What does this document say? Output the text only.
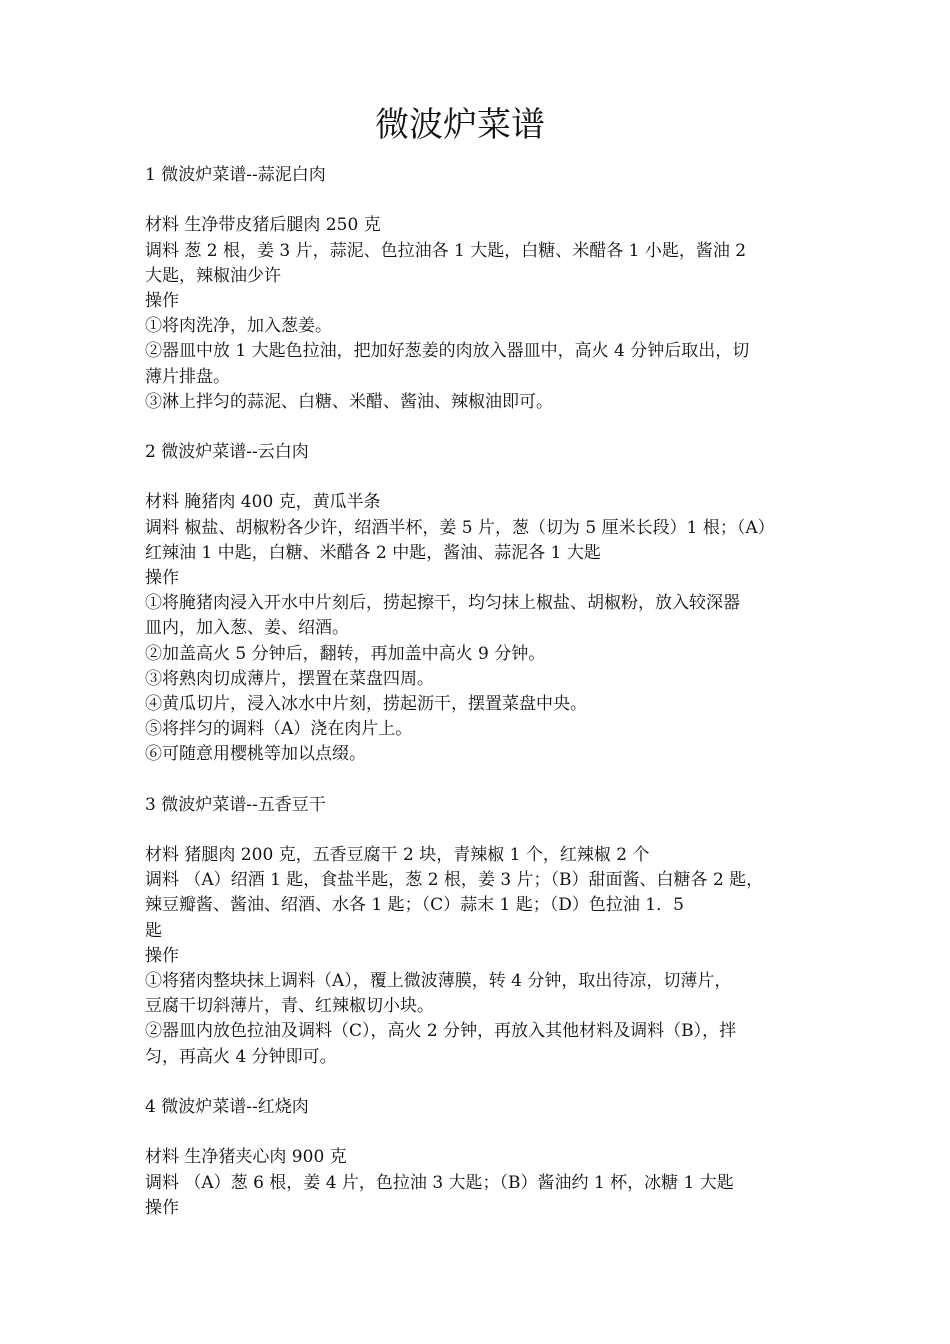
微波炉菜谱
1 微波炉菜谱--蒜泥白肉
材料 生净带皮猪后腿肉 250 克
调料 葱 2 根，姜 3 片，蒜泥、色拉油各 1 大匙，白糖、米醋各 1 小匙，酱油 2
大匙，辣椒油少许
操作
①将肉洗净，加入葱姜。
②器皿中放 1 大匙色拉油，把加好葱姜的肉放入器皿中，高火 4 分钟后取出，切
薄片排盘。
③淋上拌匀的蒜泥、白糖、米醋、酱油、辣椒油即可。
2 微波炉菜谱--云白肉
材料 腌猪肉 400 克，黄瓜半条
调料 椒盐、胡椒粉各少许，绍酒半杯，姜 5 片，葱（切为 5 厘米长段）1 根；（A）
红辣油 1 中匙，白糖、米醋各 2 中匙，酱油、蒜泥各 1 大匙
操作
①将腌猪肉浸入开水中片刻后，捞起擦干，均匀抹上椒盐、胡椒粉，放入较深器
皿内，加入葱、姜、绍酒。
②加盖高火 5 分钟后，翻转，再加盖中高火 9 分钟。
③将熟肉切成薄片，摆置在菜盘四周。
④黄瓜切片，浸入冰水中片刻，捞起沥干，摆置菜盘中央。
⑤将拌匀的调料（A）浇在肉片上。
⑥可随意用樱桃等加以点缀。
3 微波炉菜谱--五香豆干
材料 猪腿肉 200 克，五香豆腐干 2 块，青辣椒 1 个，红辣椒 2 个
调料 （A）绍酒 1 匙，食盐半匙，葱 2 根，姜 3 片；（B）甜面酱、白糖各 2 匙，
辣豆瓣酱、酱油、绍酒、水各 1 匙；（C）蒜末 1 匙；（D）色拉油 1．5
匙
操作
①将猪肉整块抹上调料（A），覆上微波薄膜，转 4 分钟，取出待凉，切薄片，
豆腐干切斜薄片，青、红辣椒切小块。
②器皿内放色拉油及调料（C），高火 2 分钟，再放入其他材料及调料（B），拌
匀，再高火 4 分钟即可。
4 微波炉菜谱--红烧肉
材料 生净猪夹心肉 900 克
调料 （A）葱 6 根，姜 4 片，色拉油 3 大匙；（B）酱油约 1 杯，冰糖 1 大匙
操作
